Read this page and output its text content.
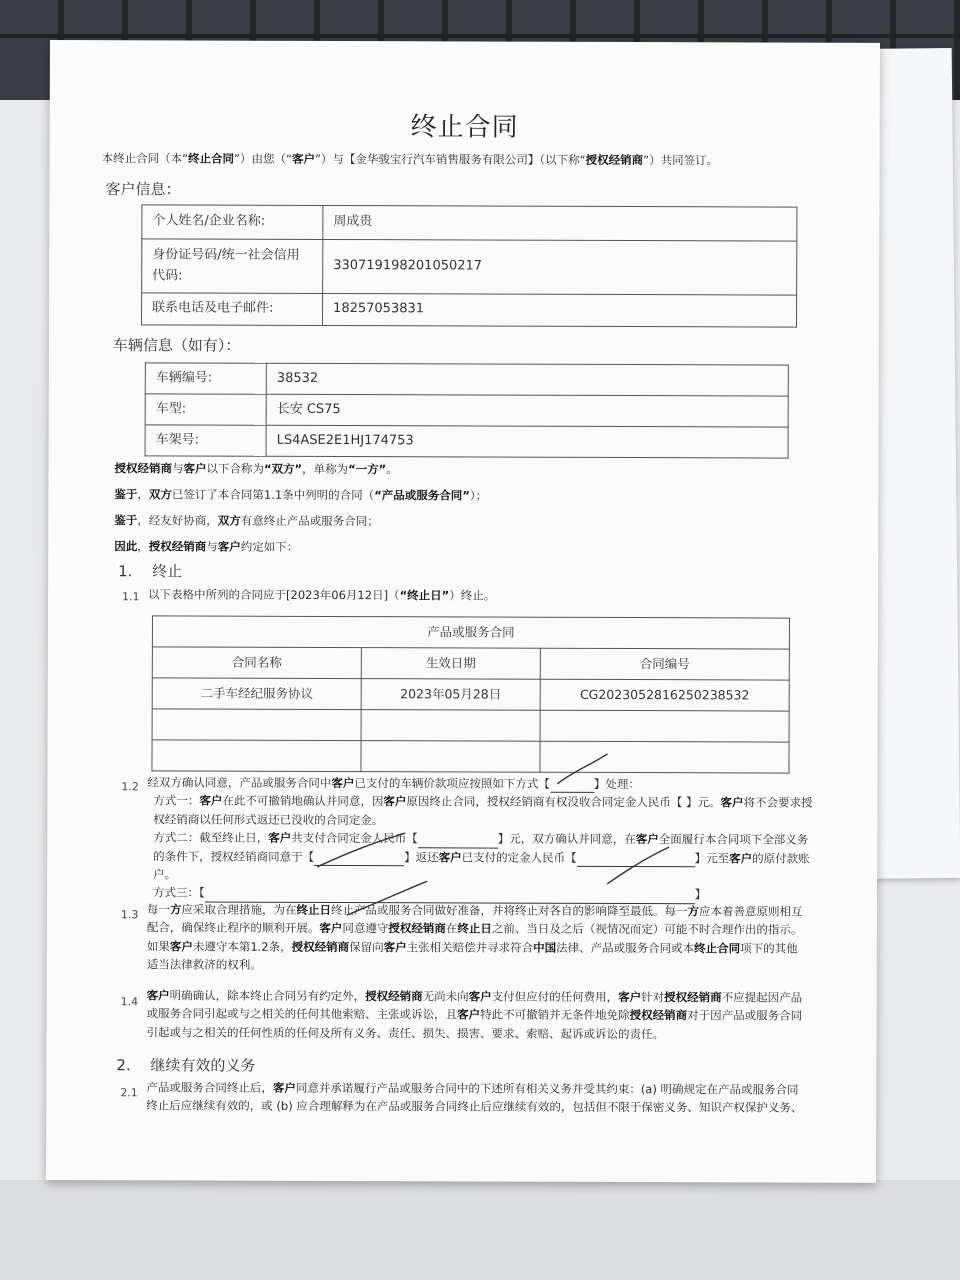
终止合同
本终止合同（本“终止合同”）由您（“客户”）与【金华骏宝行汽车销售服务有限公司】（以下称“授权经销商”）共同签订。
客户信息：
个人姓名/企业名称:	周成贵
身份证号码/统一社会信用代码:	330719198201050217
联系电话及电子邮件:	18257053831
车辆信息（如有）：
车辆编号:	38532
车型:	长安 CS75
车架号:	LS4ASE2E1HJ174753
授权经销商与客户以下合称为“双方”，单称为“一方”。
鉴于，双方已签订了本合同第1.1条中列明的合同（“产品或服务合同”）；
鉴于，经友好协商，双方有意终止产品或服务合同；
因此，授权经销商与客户约定如下：
1. 终止
1.1 以下表格中所列的合同应于[2023年06月12日]（“终止日”）终止。
产品或服务合同		
合同名称	生效日期	合同编号
二手车经纪服务协议	2023年05月28日	CG2023052816250238532

1.2 经双方确认同意，产品或服务合同中客户已支付的车辆价款项应按照如下方式【	】处理：
方式一：客户在此不可撤销地确认并同意，因客户原因终止合同，授权经销商有权没收合同定金人民币【 】元。客户将不会要求授
权经销商以任何形式返还已没收的合同定金。
方式二：截至终止日，客户共支付合同定金人民币【	】元，双方确认并同意，在客户全面履行本合同项下全部义务
的条件下，授权经销商同意于【	】返还客户已支付的定金人民币【	】元至客户的原付款账
户。
方式三：【	】
1.3 每一方应采取合理措施，为在终止日终止产品或服务合同做好准备，并将终止对各自的影响降至最低。每一方应本着善意原则相互
配合，确保终止程序的顺利开展。客户同意遵守授权经销商在终止日之前、当日及之后（视情况而定）可能不时合理作出的指示。
如果客户未遵守本第1.2条，授权经销商保留向客户主张相关赔偿并寻求符合中国法律、产品或服务合同或本终止合同项下的其他
适当法律救济的权利。
1.4 客户明确确认，除本终止合同另有约定外，授权经销商无尚未向客户支付但应付的任何费用，客户针对授权经销商不应提起因产品
或服务合同引起或与之相关的任何其他索赔、主张或诉讼，且客户特此不可撤销并无条件地免除授权经销商对于因产品或服务合同
引起或与之相关的任何性质的任何及所有义务、责任、损失、损害、要求、索赔、起诉或诉讼的责任。
2. 继续有效的义务
2.1 产品或服务合同终止后，客户同意并承诺履行产品或服务合同中的下述所有相关义务并受其约束：(a) 明确规定在产品或服务合同
终止后应继续有效的，或 (b) 应合理解释为在产品或服务合同终止后应继续有效的，包括但不限于保密义务、知识产权保护义务、
